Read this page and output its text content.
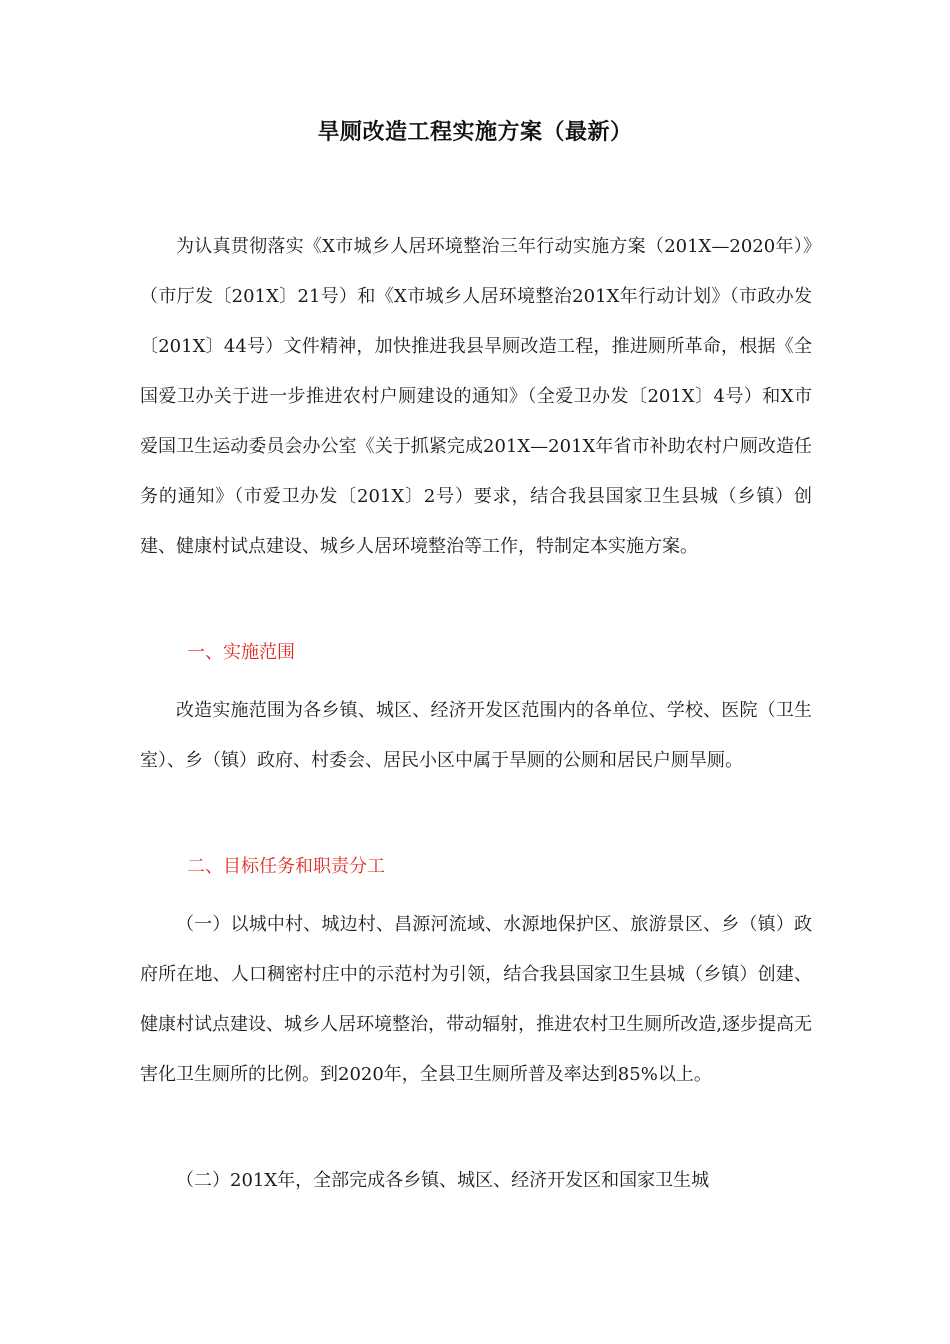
旱厕改造工程实施方案（最新）

为认真贯彻落实《X市城乡人居环境整治三年行动实施方案（201X—2020年）》（市厅发〔201X〕21号）和《X市城乡人居环境整治201X年行动计划》（市政办发〔201X〕44号）文件精神，加快推进我县旱厕改造工程，推进厕所革命，根据《全国爱卫办关于进一步推进农村户厕建设的通知》（全爱卫办发〔201X〕4号）和X市爱国卫生运动委员会办公室《关于抓紧完成201X—201X年省市补助农村户厕改造任务的通知》（市爱卫办发〔201X〕2号）要求，结合我县国家卫生县城（乡镇）创建、健康村试点建设、城乡人居环境整治等工作，特制定本实施方案。

一、实施范围

改造实施范围为各乡镇、城区、经济开发区范围内的各单位、学校、医院（卫生室）、乡（镇）政府、村委会、居民小区中属于旱厕的公厕和居民户厕旱厕。

二、目标任务和职责分工

（一）以城中村、城边村、昌源河流域、水源地保护区、旅游景区、乡（镇）政府所在地、人口稠密村庄中的示范村为引领，结合我县国家卫生县城（乡镇）创建、健康村试点建设、城乡人居环境整治，带动辐射，推进农村卫生厕所改造,逐步提高无害化卫生厕所的比例。到2020年，全县卫生厕所普及率达到85%以上。

（二）201X年，全部完成各乡镇、城区、经济开发区和国家卫生城
